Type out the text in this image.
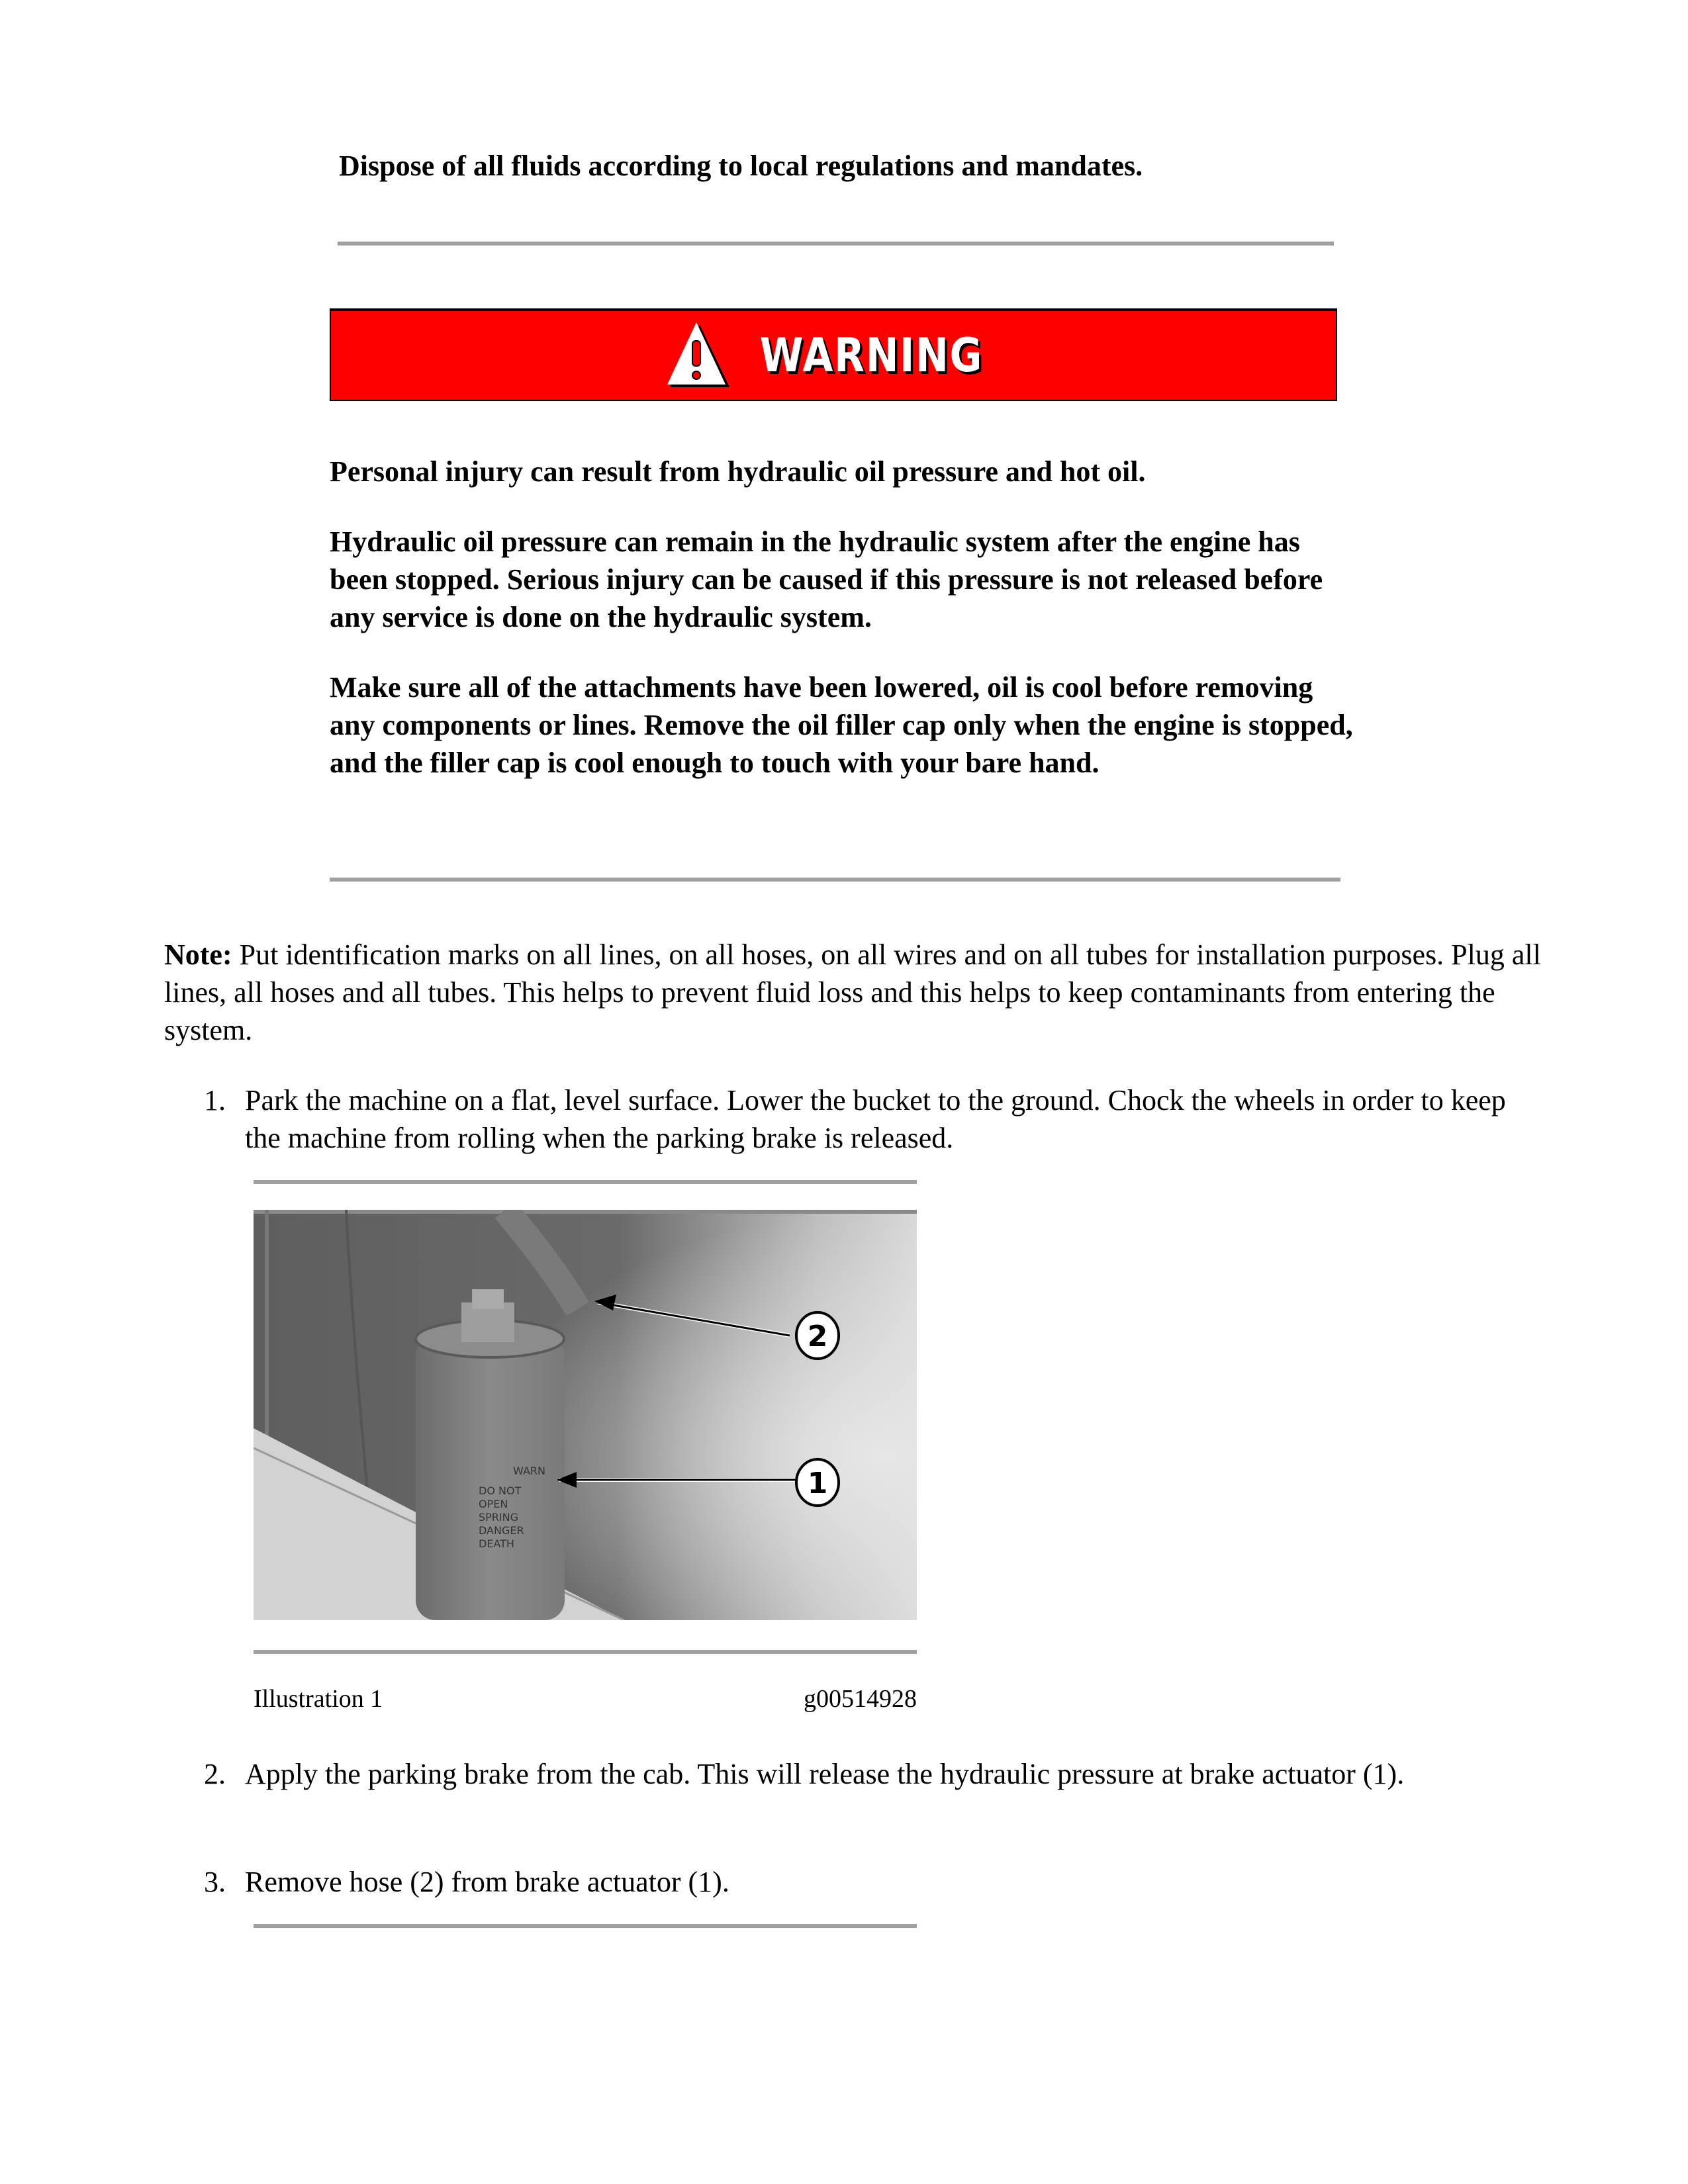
Dispose of all fluids according to local regulations and mandates.
WARNING
Personal injury can result from hydraulic oil pressure and hot oil.
Hydraulic oil pressure can remain in the hydraulic system after the engine has been stopped. Serious injury can be caused if this pressure is not released before any service is done on the hydraulic system.
Make sure all of the attachments have been lowered, oil is cool before removing any components or lines. Remove the oil filler cap only when the engine is stopped, and the filler cap is cool enough to touch with your bare hand.
Note: Put identification marks on all lines, on all hoses, on all wires and on all tubes for installation purposes. Plug all lines, all hoses and all tubes. This helps to prevent fluid loss and this helps to keep contaminants from entering the system.
1. Park the machine on a flat, level surface. Lower the bucket to the ground. Chock the wheels in order to keep the machine from rolling when the parking brake is released.
WARN
DO NOT
OPEN
SPRING
DANGER
DEATH
2
1
Illustration 1	g00514928
2. Apply the parking brake from the cab. This will release the hydraulic pressure at brake actuator (1).
3. Remove hose (2) from brake actuator (1).
